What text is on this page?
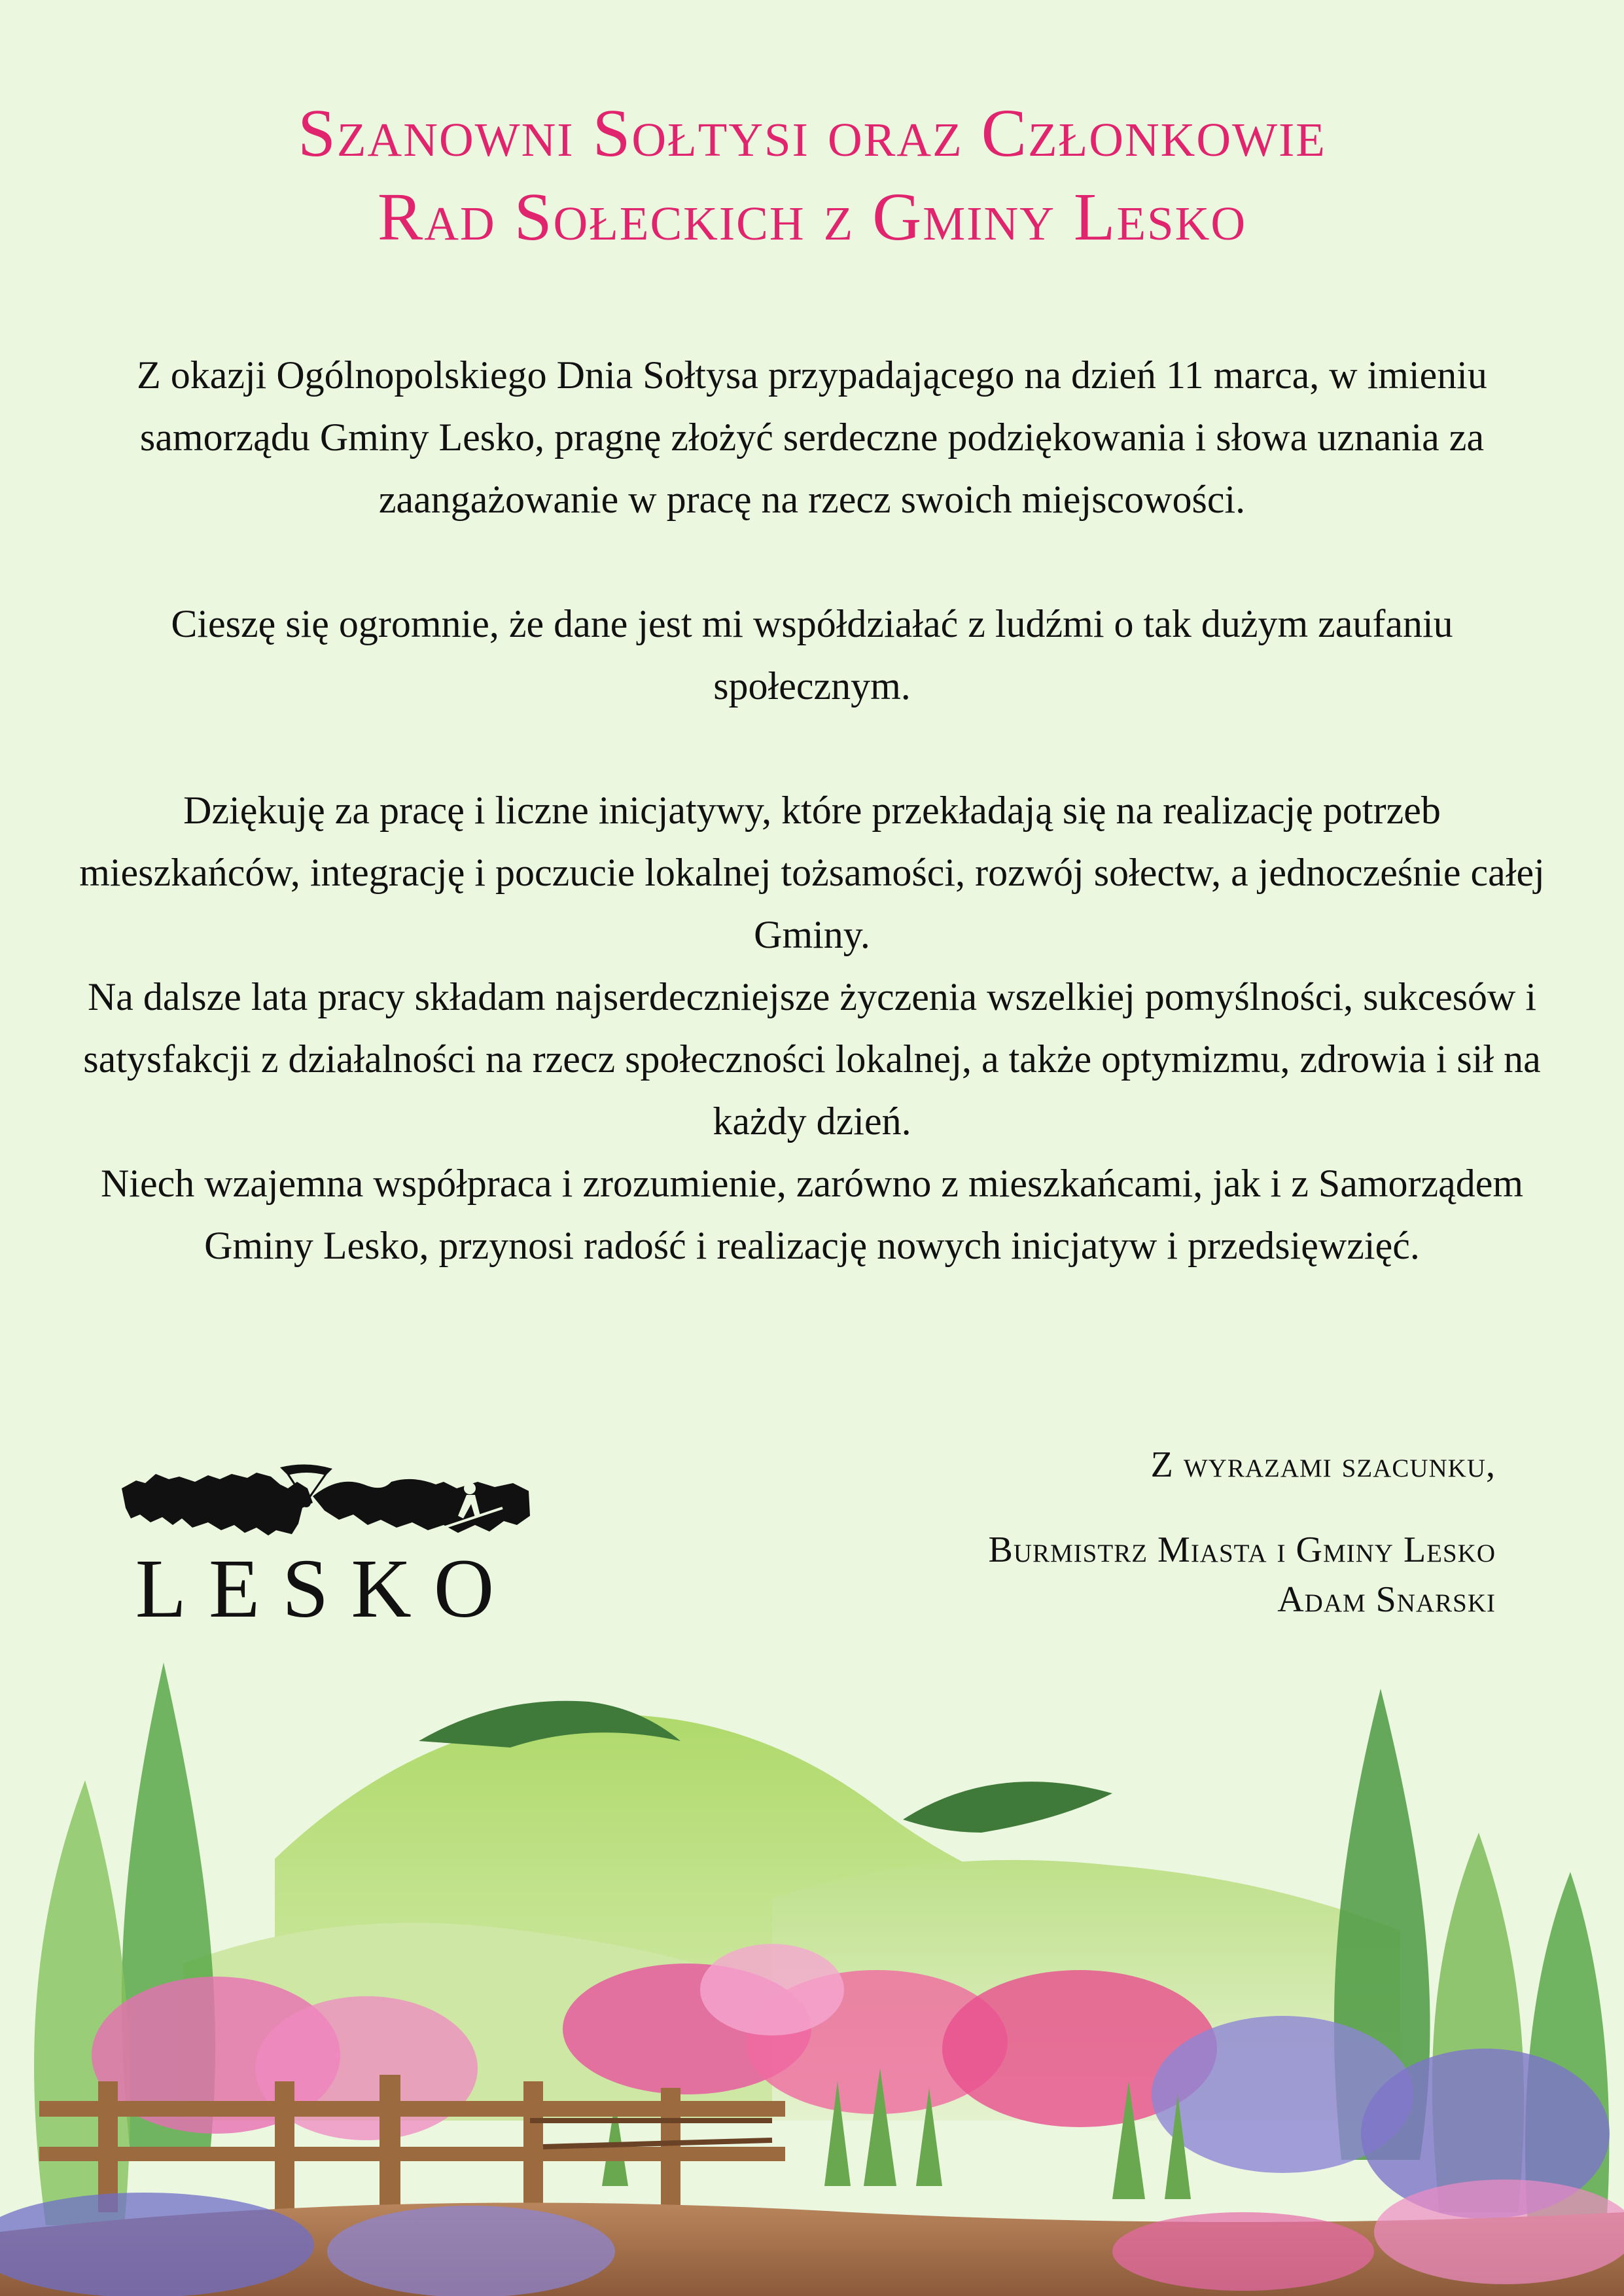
Szanowni Sołtysi oraz Członkowie
Rad Sołeckich z Gminy Lesko

Z okazji Ogólnopolskiego Dnia Sołtysa przypadającego na dzień 11 marca, w imieniu samorządu Gminy Lesko, pragnę złożyć serdeczne podziękowania i słowa uznania za zaangażowanie w pracę na rzecz swoich miejscowości.

Cieszę się ogromnie, że dane jest mi współdziałać z ludźmi o tak dużym zaufaniu społecznym.

Dziękuję za pracę i liczne inicjatywy, które przekładają się na realizację potrzeb mieszkańców, integrację i poczucie lokalnej tożsamości, rozwój sołectw, a jednocześnie całej Gminy.

Na dalsze lata pracy składam najserdeczniejsze życzenia wszelkiej pomyślności, sukcesów i satysfakcji z działalności na rzecz społeczności lokalnej, a także optymizmu, zdrowia i sił na każdy dzień.

Niech wzajemna współpraca i zrozumienie, zarówno z mieszkańcami, jak i z Samorządem Gminy Lesko, przynosi radość i realizację nowych inicjatyw i przedsięwzięć.

LESKO

Z wyrazami szacunku,

Burmistrz Miasta i Gminy Lesko

Adam Snarski
